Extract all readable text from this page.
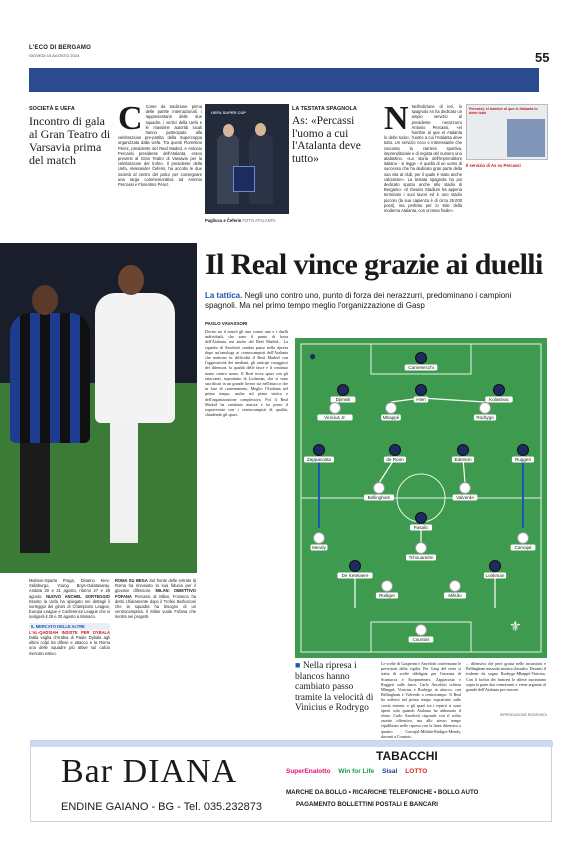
L'ECO DI BERGAMO
GIOVEDÌ 15 AGOSTO 2024	55
SOCIETÀ E UEFA
Incontro di gala al Gran Teatro di Varsavia prima del match
C Come da tradizione prima delle partite internazionali, i rappresentanti delle due squadre, i vertici della Uefa e le massime autorità locali hanno partecipato alla celebrazione pre-partita della Supercoppa organizzata dalla Uefa. Tra questi Florentino Pérez, presidente del Real Madrid, e Antonio Percassi presidente dell'Atalanta, erano presenti al Gran Teatro di Varsavia per la celebrazione del trofeo. Il presidente della Uefa, Aleksander Čeferin, ha accolto le due società al centro del palco per consegnare una targa commemorativa ad Antonio Percassi e Florentino Pérez.
UEFA SUPER CUP
Pagliuca e Čeferin FOTO ATALANTA
LA TESTATA SPAGNOLA
As: «Percassi l'uomo a cui l'Atalanta deve tutto»
N Nell'edizione di ieri, lo spagnolo As ha dedicato un ampio servizio al presidente nerazzurro Antonio Percassi, «el hombre al que el Atalanta lo debe todo», l'uomo a cui l'Atalanta deve tutto. Un servizio ricco e interessante che racconta la carriera sportiva, imprenditoriale e di regista del numero uno atalantino. «La storia dell'imprenditore italiano - si legge - è quella di un uomo di successo che ha dedicato gran parte della sua vita al club, per il quale è stato anche calciatore». La testata spagnola ha poi dedicato spazio anche allo stadio di Bergamo: «Il Gewiss Stadium ha appena terminato i suoi lavori ed è uno stadio piccolo (la sua capienza è di circa 25.000 posti), ma perfetto per lo stile della moderna Atalanta, con un'area finale».
Percassi, el hombre al que el Atalanta lo debe todo
Il servizio di As su Percassi
Il Real vince grazie ai duelli
La tattica. Negli uno contro uno, punto di forza dei nerazzurri, predominano i campioni spagnoli. Ma nel primo tempo meglio l'organizzazione di Gasp
PAOLO VAVASSORI
Deciso no il match gli uno contro uno e i duelli individuali, che sono il punto di forza dell'Atalanta, ma anche del Real Madrid... La squadra di Ancelotti cambia passo nella ripresa dopo un'omologa ai centrocampisti dell'Atalanta che mettono in difficoltà il Real Madrid con l'aggressività dei mediani, gli anticipi coraggiosi dei difensori, la qualità delle fasce e il continuo uomo contro uomo. Il Real trova spazi con gli attaccanti, soprattutto di Lookman, che si sono sacrificati in un grande lavoro sia nell'attacco che in fase di contenimento. Meglio l'Atalanta nel primo tempo, anche sul piano tattico e dell'organizzazione complessiva. Poi il Real Madrid ha cambiato marcia e ha preso il sopravvento con i centrocampisti di qualità, chiudendo gli spazi.
Carnesecchi
Djimsiti	Hien	Kolasinac
Zappacosta	de Roon	Ederson	Ruggeri
Pasalic
De Ketelaere	Lookman
Courtois
Carvajal
Militão
Rüdiger
Mendy
Tchouaméni
Valverde
Bellingham
Rodrygo
Mbappé
Vinicius Jr.
⚜
●
■ Nella ripresa i blancos hanno cambiato passo tramite la velocità di Vinicius e Rodrygo
Le scelte di Gasperini e Ancelotti confermano le previsioni della vigilia. Per Gasp del resto si tratta di scelte obbligate per l'assenza di Scamacca e Koopmeiners, Zappacosta e Ruggeri sulle fasce. Carlo Ancelotti schiera Mbappé, Vinicius e Rodrygo in attacco, con Bellingham e Valverde a centrocampo. Il Real ha sofferto nel primo tempo soprattutto sulle corsie esterne, e gli spazi tra i reparti si sono aperti solo quando Atalanta ha abbassato il ritmo. Carlo Ancelotti risponde con il solito assetto offensivo, ma allo stesso tempo equilibrato nelle ripresa con la linea difensiva a quattro Carvajal-Militão-Rüdiger-Mendy, davanti a Courtois.
... difensiva che però grazia nelle incursioni e Bellingham mezzala sinistra d'assalto. Davanti il tridente da sogno Rodrygo-Mbappé-Vinicius. Con il forfait dei francesi le difese incontrano sopra la parte due centravanti e viene arginato al grande dell'Atalanta per vincere.
RIPRODUZIONE RISERVATA
Malmoe-Sparta Praga, Dinamo Kiev-Salisburgo, Young Boys-Galatasaray. Andata 20 e 21 agosto, ritorno 27 e 28 agosto. NUOVO ANCHEL SORTEGGIO Intanto la Uefa ha spiegato nei dettagli il sorteggio dei gironi di Champions League, Europa League e Conference League che si svolgerà il 29 e 30 agosto a Monaco.
IL MERCATO DELLE ALTRE
L'AL-QADSIAH INSISTE PER DYBALA Dalla vaglia d'Arabia di Paulo Dybala agli ultimi colpi tra difese e attacco e la Roma una delle squadre più attive sul calcio mercato estivo.
ROMA SU BEGA Sul fronte delle entrate la Roma ha rinnovato la sua fiducia per il giovane difensore. MILAN: OBIETTIVO FOFANA Percassi al Milan, Fonseca ha detto chiaramente dopo il Trofeo Berlusconi che la squadra ha bisogno di un centrocampista. Il Milan vuole Fofana che rientra nei progetti.
Bar DIANA
ENDINE GAIANO - BG - Tel. 035.232873
TABACCHI
SuperEnalotto Win for Life Sisal LOTTO
MARCHE DA BOLLO • RICARICHE TELEFONICHE • BOLLO AUTO
PAGAMENTO BOLLETTINI POSTALI E BANCARI
